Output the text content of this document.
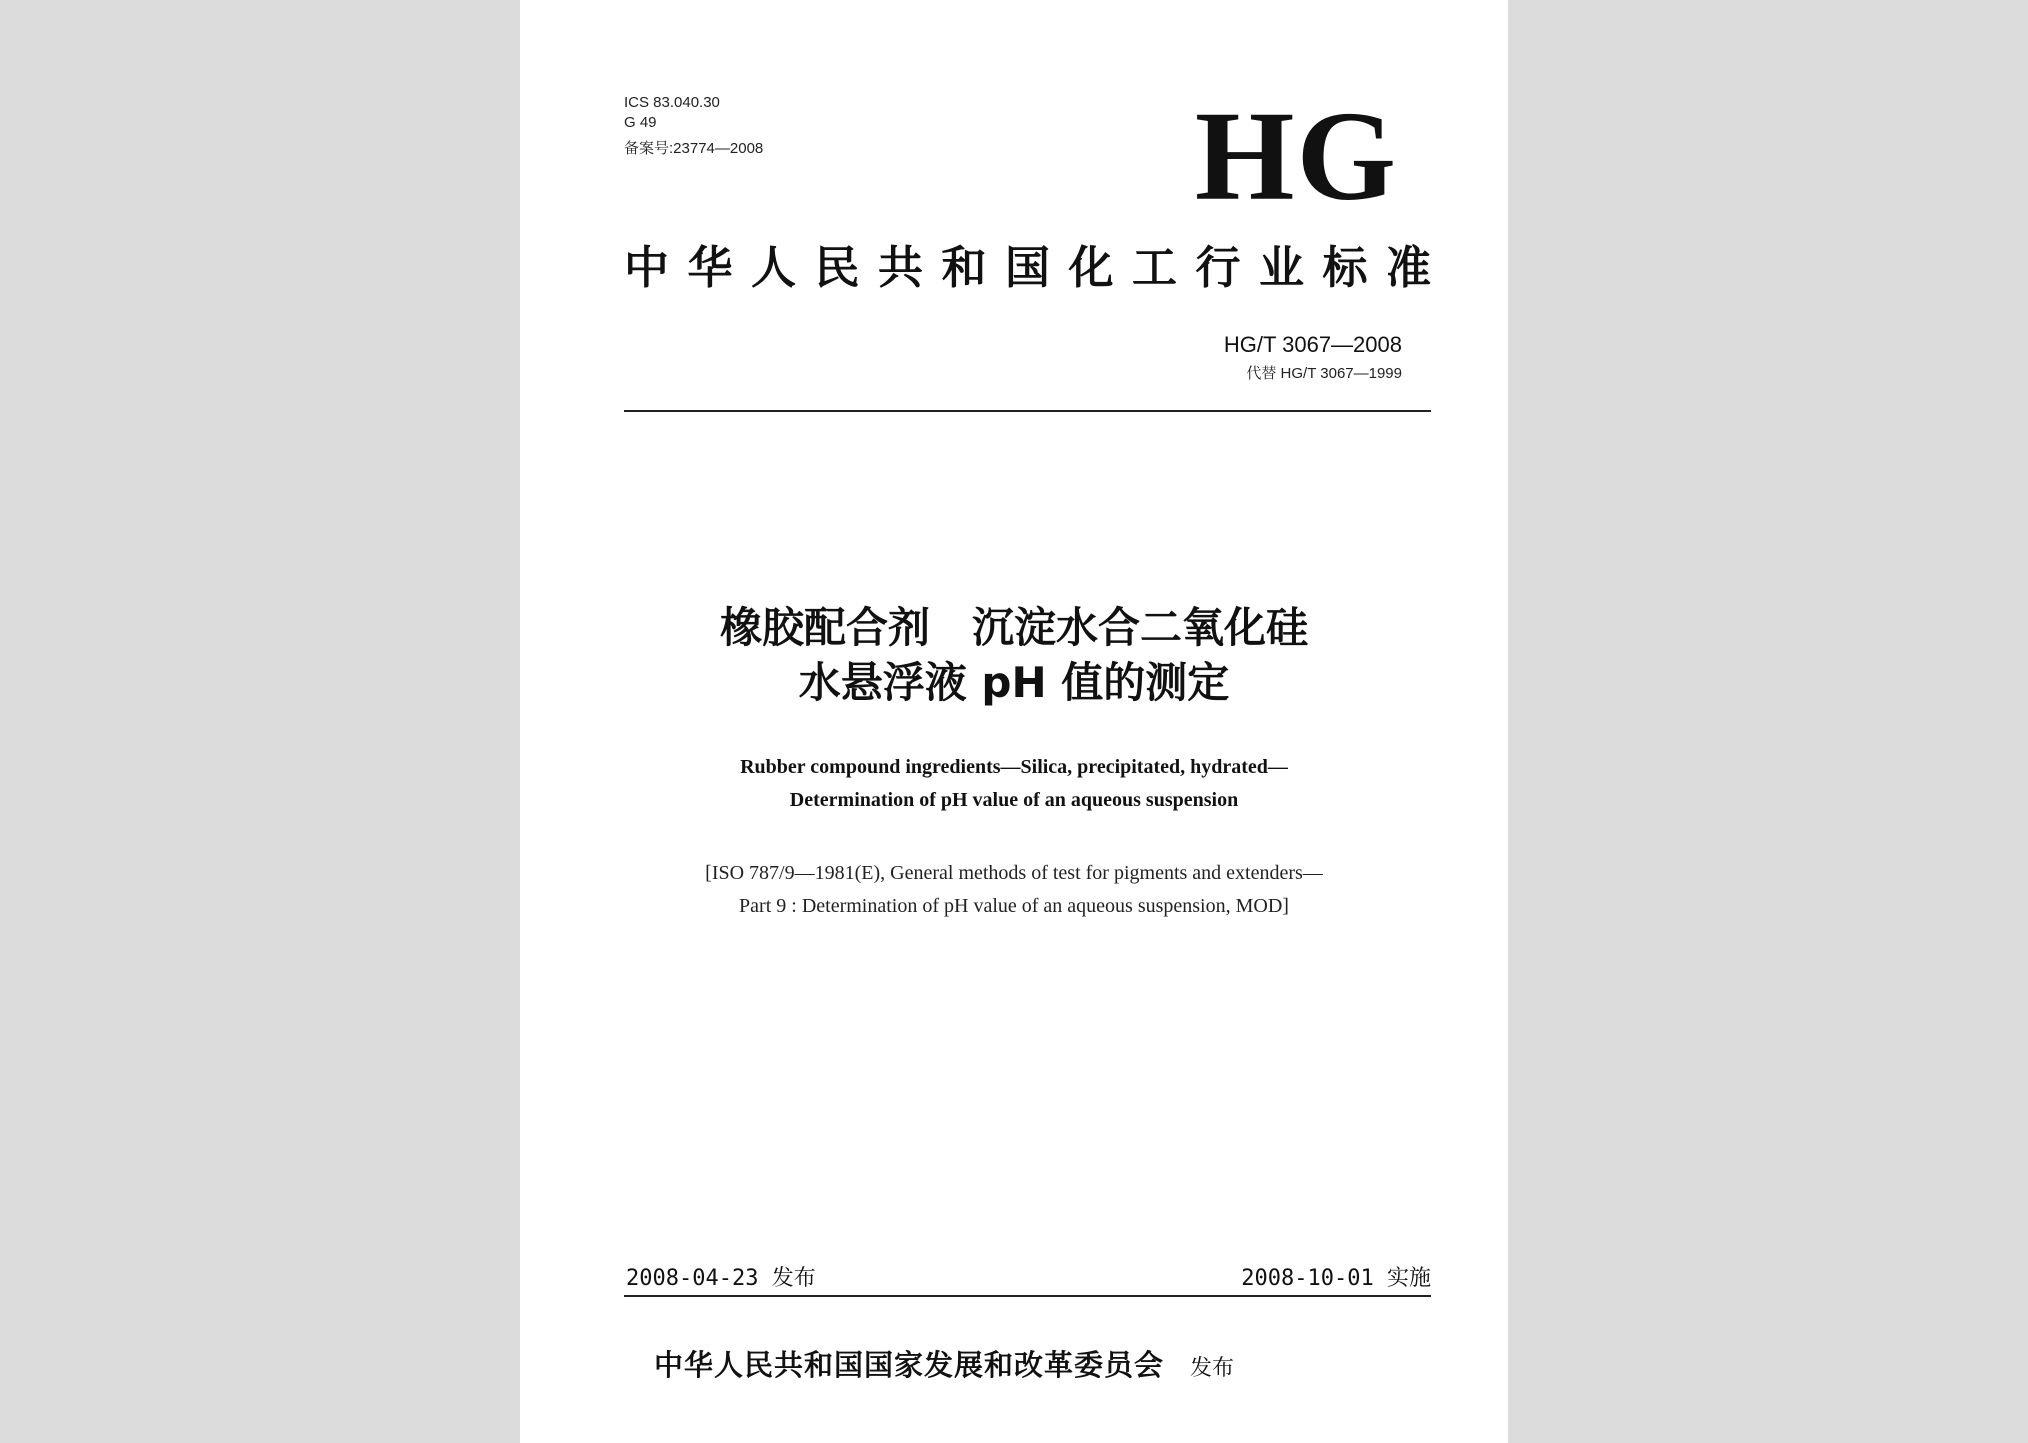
ICS 83.040.30

G 49

备案号:23774—2008	HG
中华人民共和国化工行业标准

HG/T 3067—2008

代替 HG/T 3067—1999

橡胶配合剂　沉淀水合二氧化硅
水悬浮液 pH 值的测定

Rubber compound ingredients—Silica, precipitated, hydrated—

Determination of pH value of an aqueous suspension

[ISO 787/9—1981(E), General methods of test for pigments and extenders—

Part 9 : Determination of pH value of an aqueous suspension, MOD]

2008-04-23 发布	2008-10-01 实施

中华人民共和国国家发展和改革委员会 发布
